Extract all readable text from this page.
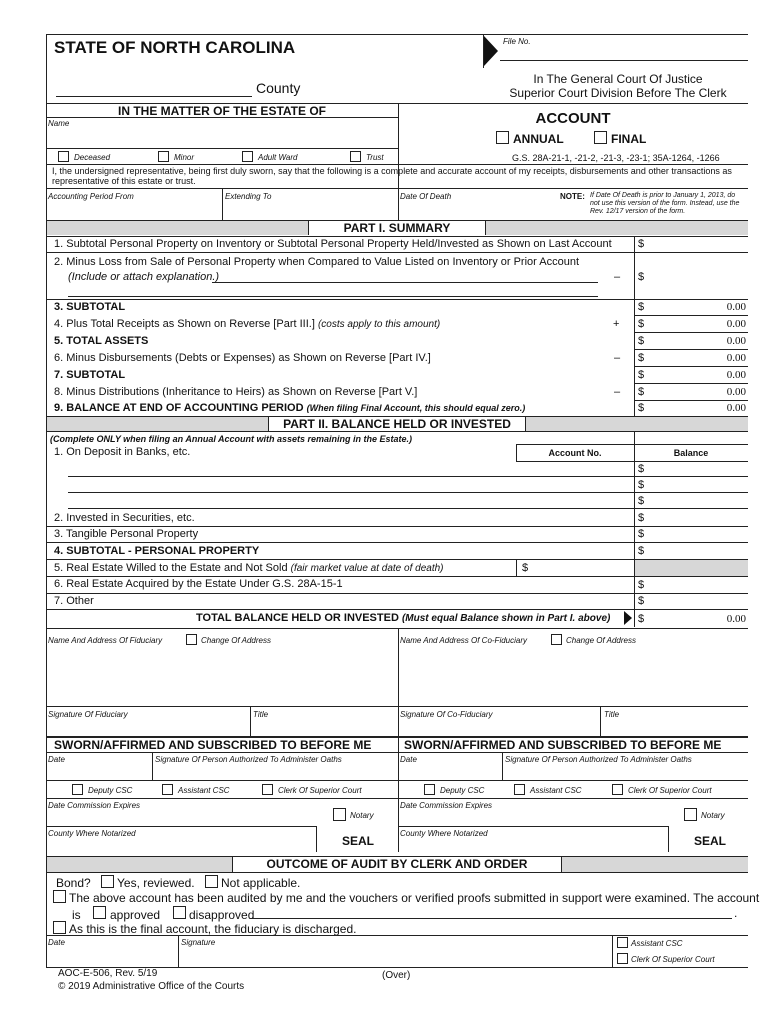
STATE OF NORTH CAROLINA	File No.
County
In The General Court Of Justice
Superior Court Division Before The Clerk
IN THE MATTER OF THE ESTATE OF
Name	ACCOUNT
ANNUAL	FINAL
Deceased	Minor	Adult Ward	Trust	G.S. 28A-21-1, -21-2, -21-3, -23-1; 35A-1264, -1266
I, the undersigned representative, being first duly sworn, say that the following is a complete and accurate account of my receipts, disbursements and other transactions as representative of this estate or trust.
Accounting Period From	Extending To	Date Of Death	NOTE: If Date Of Death is prior to January 1, 2013, do not use this version of the form. Instead, use the Rev. 12/17 version of the form.
PART I. SUMMARY
1. Subtotal Personal Property on Inventory or Subtotal Personal Property Held/Invested as Shown on Last Account $
2. Minus Loss from Sale of Personal Property when Compared to Value Listed on Inventory or Prior Account
(Include or attach explanation.)	– $
3. SUBTOTAL	$	0.00
4. Plus Total Receipts as Shown on Reverse [Part III.] (costs apply to this amount)	+ $	0.00
5. TOTAL ASSETS	$	0.00
6. Minus Disbursements (Debts or Expenses) as Shown on Reverse [Part IV.]	– $	0.00
7. SUBTOTAL	$	0.00
8. Minus Distributions (Inheritance to Heirs) as Shown on Reverse [Part V.]	– $	0.00
9. BALANCE AT END OF ACCOUNTING PERIOD (When filing Final Account, this should equal zero.)	$	0.00
PART II. BALANCE HELD OR INVESTED
(Complete ONLY when filing an Annual Account with assets remaining in the Estate.)
1. On Deposit in Banks, etc.	Account No.	Balance
$
$
$
2. Invested in Securities, etc.	$
3. Tangible Personal Property	$
4. SUBTOTAL - PERSONAL PROPERTY	$
5. Real Estate Willed to the Estate and Not Sold (fair market value at date of death)	$
6. Real Estate Acquired by the Estate Under G.S. 28A-15-1	$
7. Other	$
TOTAL BALANCE HELD OR INVESTED (Must equal Balance shown in Part I. above)	$	0.00
Name And Address Of Fiduciary	Change Of Address	Name And Address Of Co-Fiduciary	Change Of Address
Signature Of Fiduciary	Title	Signature Of Co-Fiduciary	Title
SWORN/AFFIRMED AND SUBSCRIBED TO BEFORE ME	SWORN/AFFIRMED AND SUBSCRIBED TO BEFORE ME
Date	Signature Of Person Authorized To Administer Oaths	Date	Signature Of Person Authorized To Administer Oaths
Deputy CSC	Assistant CSC	Clerk Of Superior Court	Deputy CSC	Assistant CSC	Clerk Of Superior Court
Date Commission Expires
Notary
Date Commission Expires
Notary
County Where Notarized
SEAL
County Where Notarized
SEAL
OUTCOME OF AUDIT BY CLERK AND ORDER
Bond? Yes, reviewed. Not applicable.
The above account has been audited by me and the vouchers or verified proofs submitted in support were examined. The account
is approved disapproved	.
As this is the final account, the fiduciary is discharged.
Date	Signature	Assistant CSC
Clerk Of Superior Court
AOC-E-506, Rev. 5/19
© 2019 Administrative Office of the Courts
(Over)
